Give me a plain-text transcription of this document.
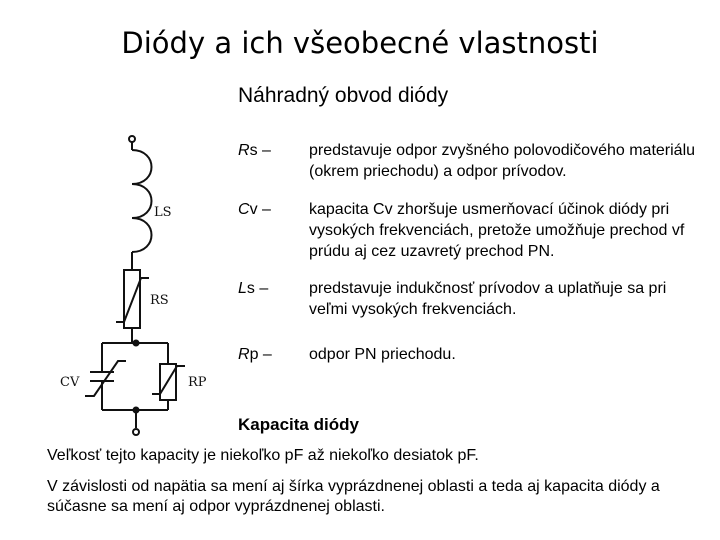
Diódy a ich všeobecné vlastnosti
Náhradný obvod diódy
LS
RS
CV	RP
Rs – predstavuje odpor zvyšného polovodičového materiálu (okrem priechodu) a odpor prívodov.
Cv – kapacita Cv zhoršuje usmerňovací účinok diódy pri vysokých frekvenciách, pretože umožňuje prechod vf prúdu aj cez uzavretý prechod PN.
Ls –	predstavuje indukčnosť prívodov a uplatňuje sa pri veľmi vysokých frekvenciách.
Rp – odpor PN priechodu.
Kapacita diódy
Veľkosť tejto kapacity je niekoľko pF až niekoľko desiatok pF.
V závislosti od napätia sa mení aj šírka vyprázdnenej oblasti a teda aj kapacita diódy a súčasne sa mení aj odpor vyprázdnenej oblasti.
